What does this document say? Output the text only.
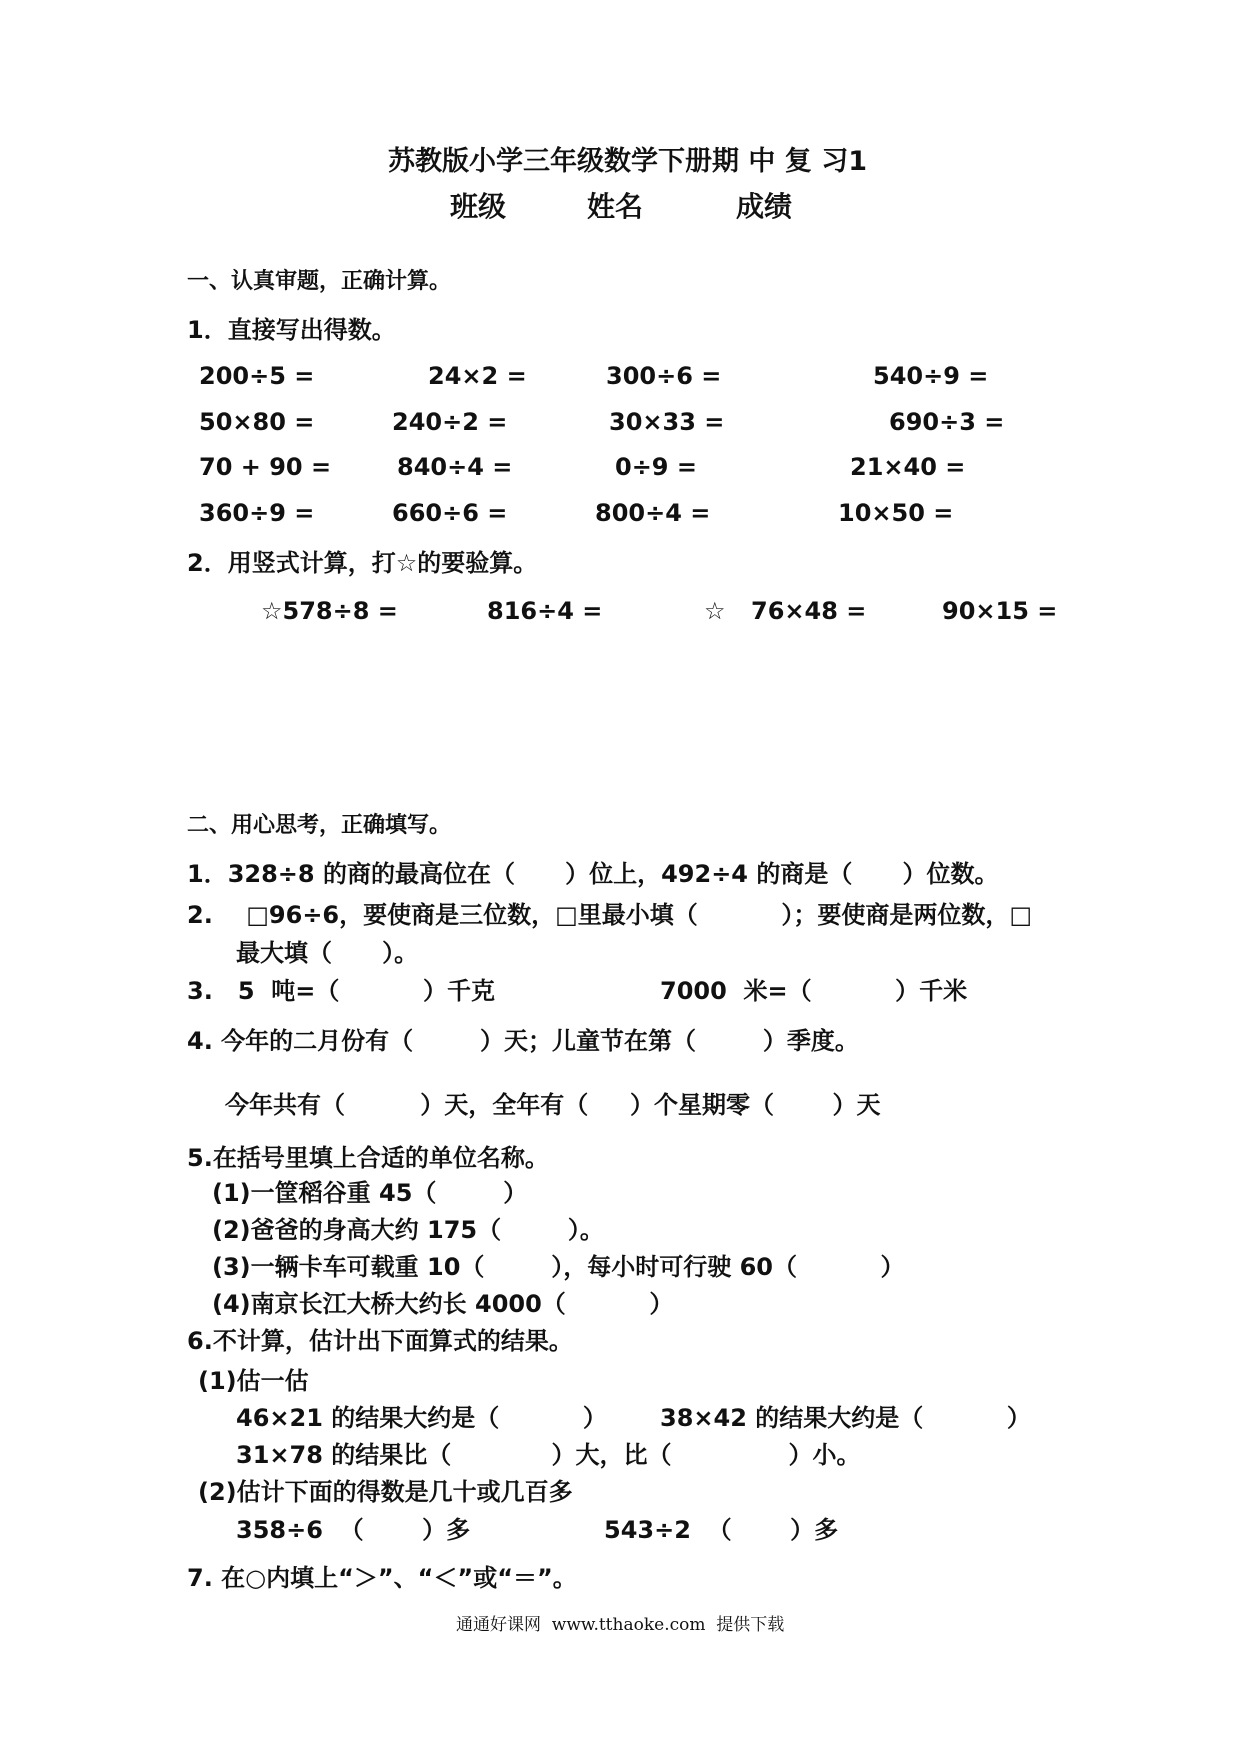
苏教版小学三年级数学下册期 中 复 习1
班级	姓名	成绩
一、认真审题，正确计算。
1．直接写出得数。
200÷5 =	24×2 =	300÷6 =	540÷9 =
50×80 =	240÷2 =	30×33 =	690÷3 =
70 + 90 =	840÷4 =	0÷9 =	21×40 =
360÷9 =	660÷6 =	800÷4 =	10×50 =
2．用竖式计算，打☆的要验算。
☆578÷8 =	816÷4 =	☆ 76×48 =	90×15 =
二、用心思考，正确填写。
1．328÷8 的商的最高位在（      ）位上，492÷4 的商是（      ）位数。
2.    □96÷6，要使商是三位数，□里最小填（          ）；要使商是两位数，□
最大填（      ）。
3.   5  吨=（          ）千克	7000  米=（          ）千米
4. 今年的二月份有（        ）天；儿童节在第（        ）季度。
今年共有（         ）天，全年有（     ）个星期零（       ）天
5.在括号里填上合适的单位名称。
(1)一筐稻谷重 45（        ）
(2)爸爸的身高大约 175（        ）。
(3)一辆卡车可载重 10（        ），每小时可行驶 60（          ）
(4)南京长江大桥大约长 4000（          ）
6.不计算，估计出下面算式的结果。
(1)估一估
46×21 的结果大约是（          ） 38×42 的结果大约是（          ）
31×78 的结果比（            ）大，比（              ）小。
(2)估计下面的得数是几十或几百多
358÷6  （       ）多	543÷2  （       ）多
7. 在○内填上“＞”、“＜”或“＝”。
通通好课网  www.tthaoke.com  提供下载
